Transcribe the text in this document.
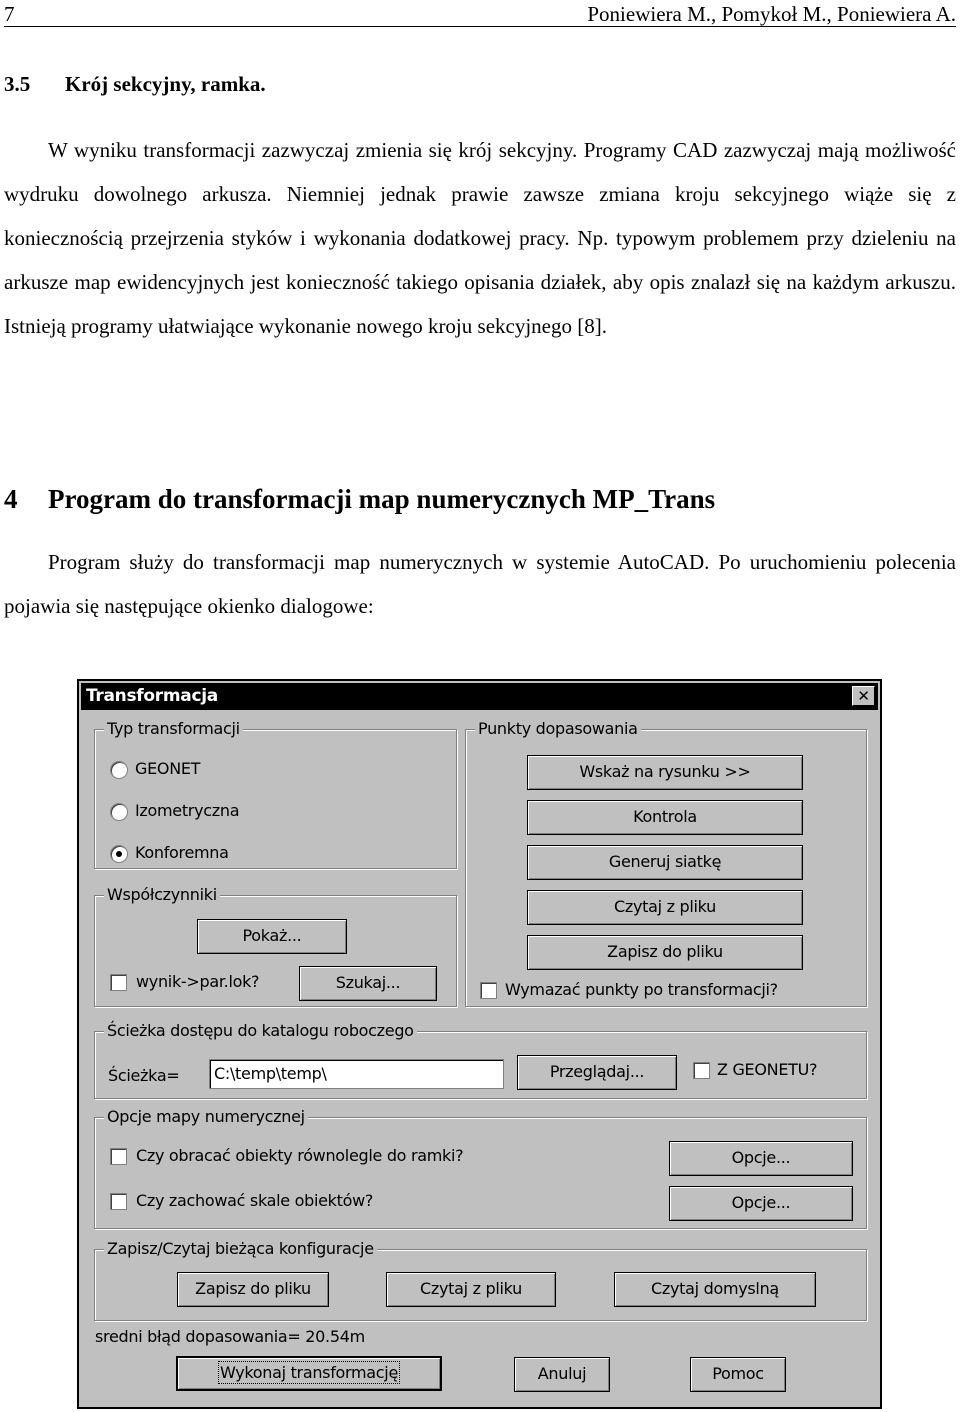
7	Poniewiera M., Pomykoł M., Poniewiera A.
3.5 Krój sekcyjny, ramka.
W wyniku transformacji zazwyczaj zmienia się krój sekcyjny. Programy CAD zazwyczaj mają możliwość wydruku dowolnego arkusza. Niemniej jednak prawie zawsze zmiana kroju sekcyjnego wiąże się z koniecznością przejrzenia styków i wykonania dodatkowej pracy. Np. typowym problemem przy dzieleniu na arkusze map ewidencyjnych jest konieczność takiego opisania działek, aby opis znalazł się na każdym arkuszu. Istnieją programy ułatwiające wykonanie nowego kroju sekcyjnego [8].
4 Program do transformacji map numerycznych MP_Trans
Program służy do transformacji map numerycznych w systemie AutoCAD. Po uruchomieniu polecenia pojawia się następujące okienko dialogowe:
Transformacja	✕
Typ transformacji
GEONET
Izometryczna
Konforemna
Współczynniki
Pokaż...
wynik->par.lok?	Szukaj...
Punkty dopasowania
Wskaż na rysunku >>
Kontrola
Generuj siatkę
Czytaj z pliku
Zapisz do pliku
Wymazać punkty po transformacji?
Ścieżka dostępu do katalogu roboczego
Ścieżka=	C:\temp\temp\	Przeglądaj...	Z GEONETU?
Opcje mapy numerycznej
Czy obracać obiekty równolegle do ramki?	Opcje...
Czy zachować skale obiektów?	Opcje...
Zapisz/Czytaj bieżąca konfiguracje
Zapisz do pliku	Czytaj z pliku	Czytaj domyslną
sredni błąd dopasowania= 20.54m
Wykonaj transformację	Anuluj	Pomoc
